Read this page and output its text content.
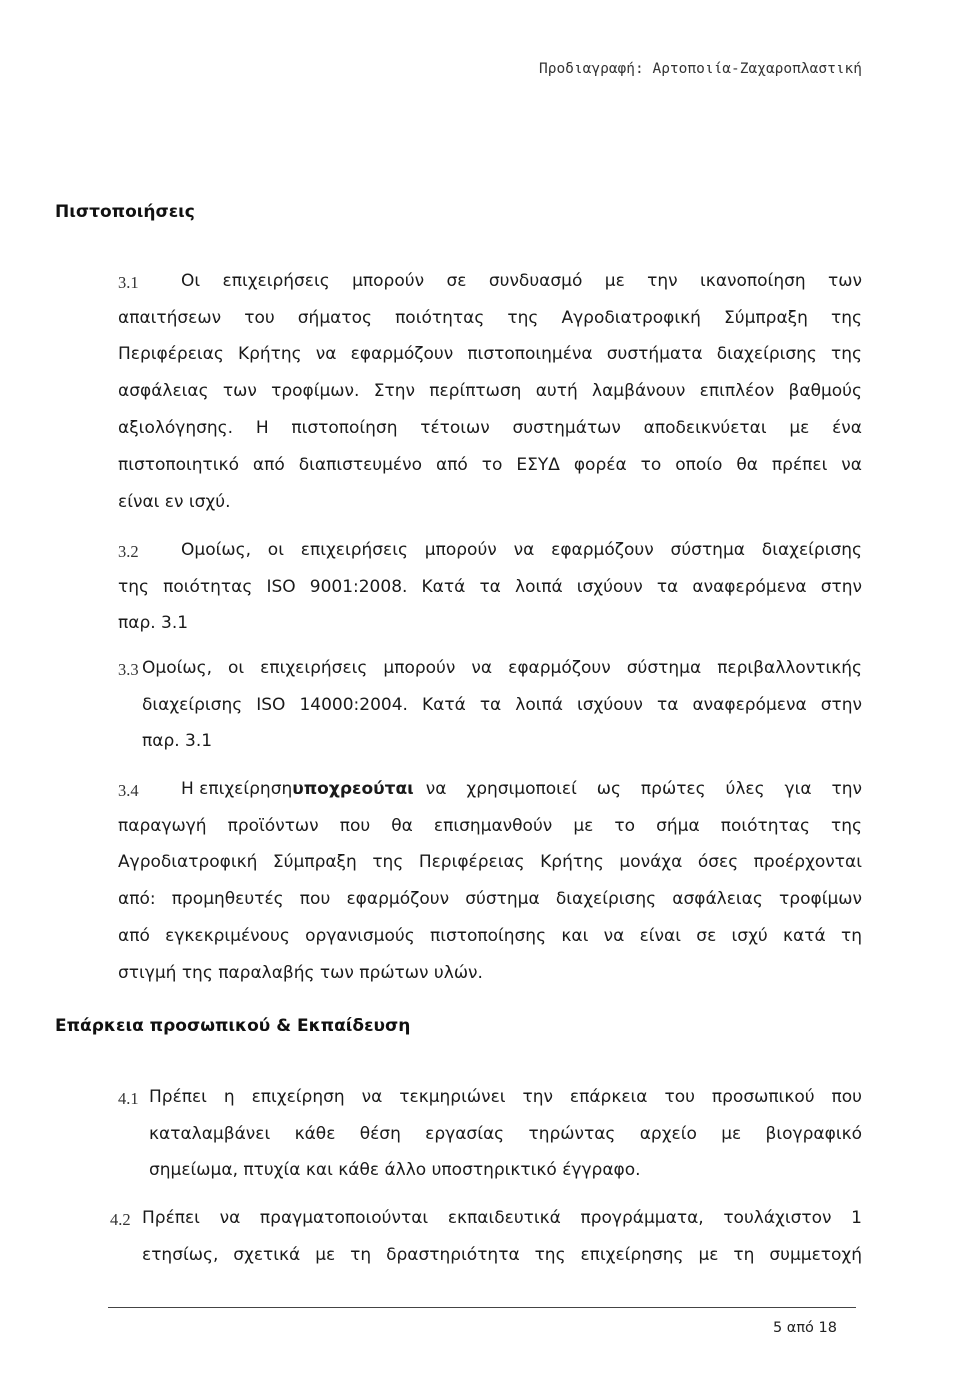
Προδιαγραφή: Αρτοποιία-Ζαχαροπλαστική
Πιστοποιήσεις
3.1 Οι επιχειρήσεις μπορούν σε συνδυασμό με την ικανοποίηση των
απαιτήσεων του σήματος ποιότητας της Αγροδιατροφική Σύμπραξη της
Περιφέρειας Κρήτης να εφαρμόζουν πιστοποιημένα συστήματα διαχείρισης της
ασφάλειας των τροφίμων. Στην περίπτωση αυτή λαμβάνουν επιπλέον βαθμούς
αξιολόγησης. Η πιστοποίηση τέτοιων συστημάτων αποδεικνύεται με ένα
πιστοποιητικό από διαπιστευμένο από το ΕΣΥΔ φορέα το οποίο θα πρέπει να
είναι εν ισχύ.
3.2 Ομοίως, οι επιχειρήσεις μπορούν να εφαρμόζουν σύστημα διαχείρισης
της ποιότητας ISO 9001:2008. Κατά τα λοιπά ισχύουν τα αναφερόμενα στην
παρ. 3.1
3.3 Ομοίως, οι επιχειρήσεις μπορούν να εφαρμόζουν σύστημα περιβαλλοντικής
διαχείρισης ISO 14000:2004. Κατά τα λοιπά ισχύουν τα αναφερόμενα στην
παρ. 3.1
3.4 Η επιχείρηση υποχρεούται να χρησιμοποιεί ως πρώτες ύλες για την
παραγωγή προϊόντων που θα επισημανθούν με το σήμα ποιότητας της
Αγροδιατροφική Σύμπραξη της Περιφέρειας Κρήτης μονάχα όσες προέρχονται
από: προμηθευτές που εφαρμόζουν σύστημα διαχείρισης ασφάλειας τροφίμων
από εγκεκριμένους οργανισμούς πιστοποίησης και να είναι σε ισχύ κατά τη
στιγμή της παραλαβής των πρώτων υλών.
Επάρκεια προσωπικού & Εκπαίδευση
4.1 Πρέπει η επιχείρηση να τεκμηριώνει την επάρκεια του προσωπικού που
καταλαμβάνει κάθε θέση εργασίας τηρώντας αρχείο με βιογραφικό
σημείωμα, πτυχία και κάθε άλλο υποστηρικτικό έγγραφο.
4.2 Πρέπει να πραγματοποιούνται εκπαιδευτικά προγράμματα, τουλάχιστον 1
ετησίως, σχετικά με τη δραστηριότητα της επιχείρησης με τη συμμετοχή
5 από 18
